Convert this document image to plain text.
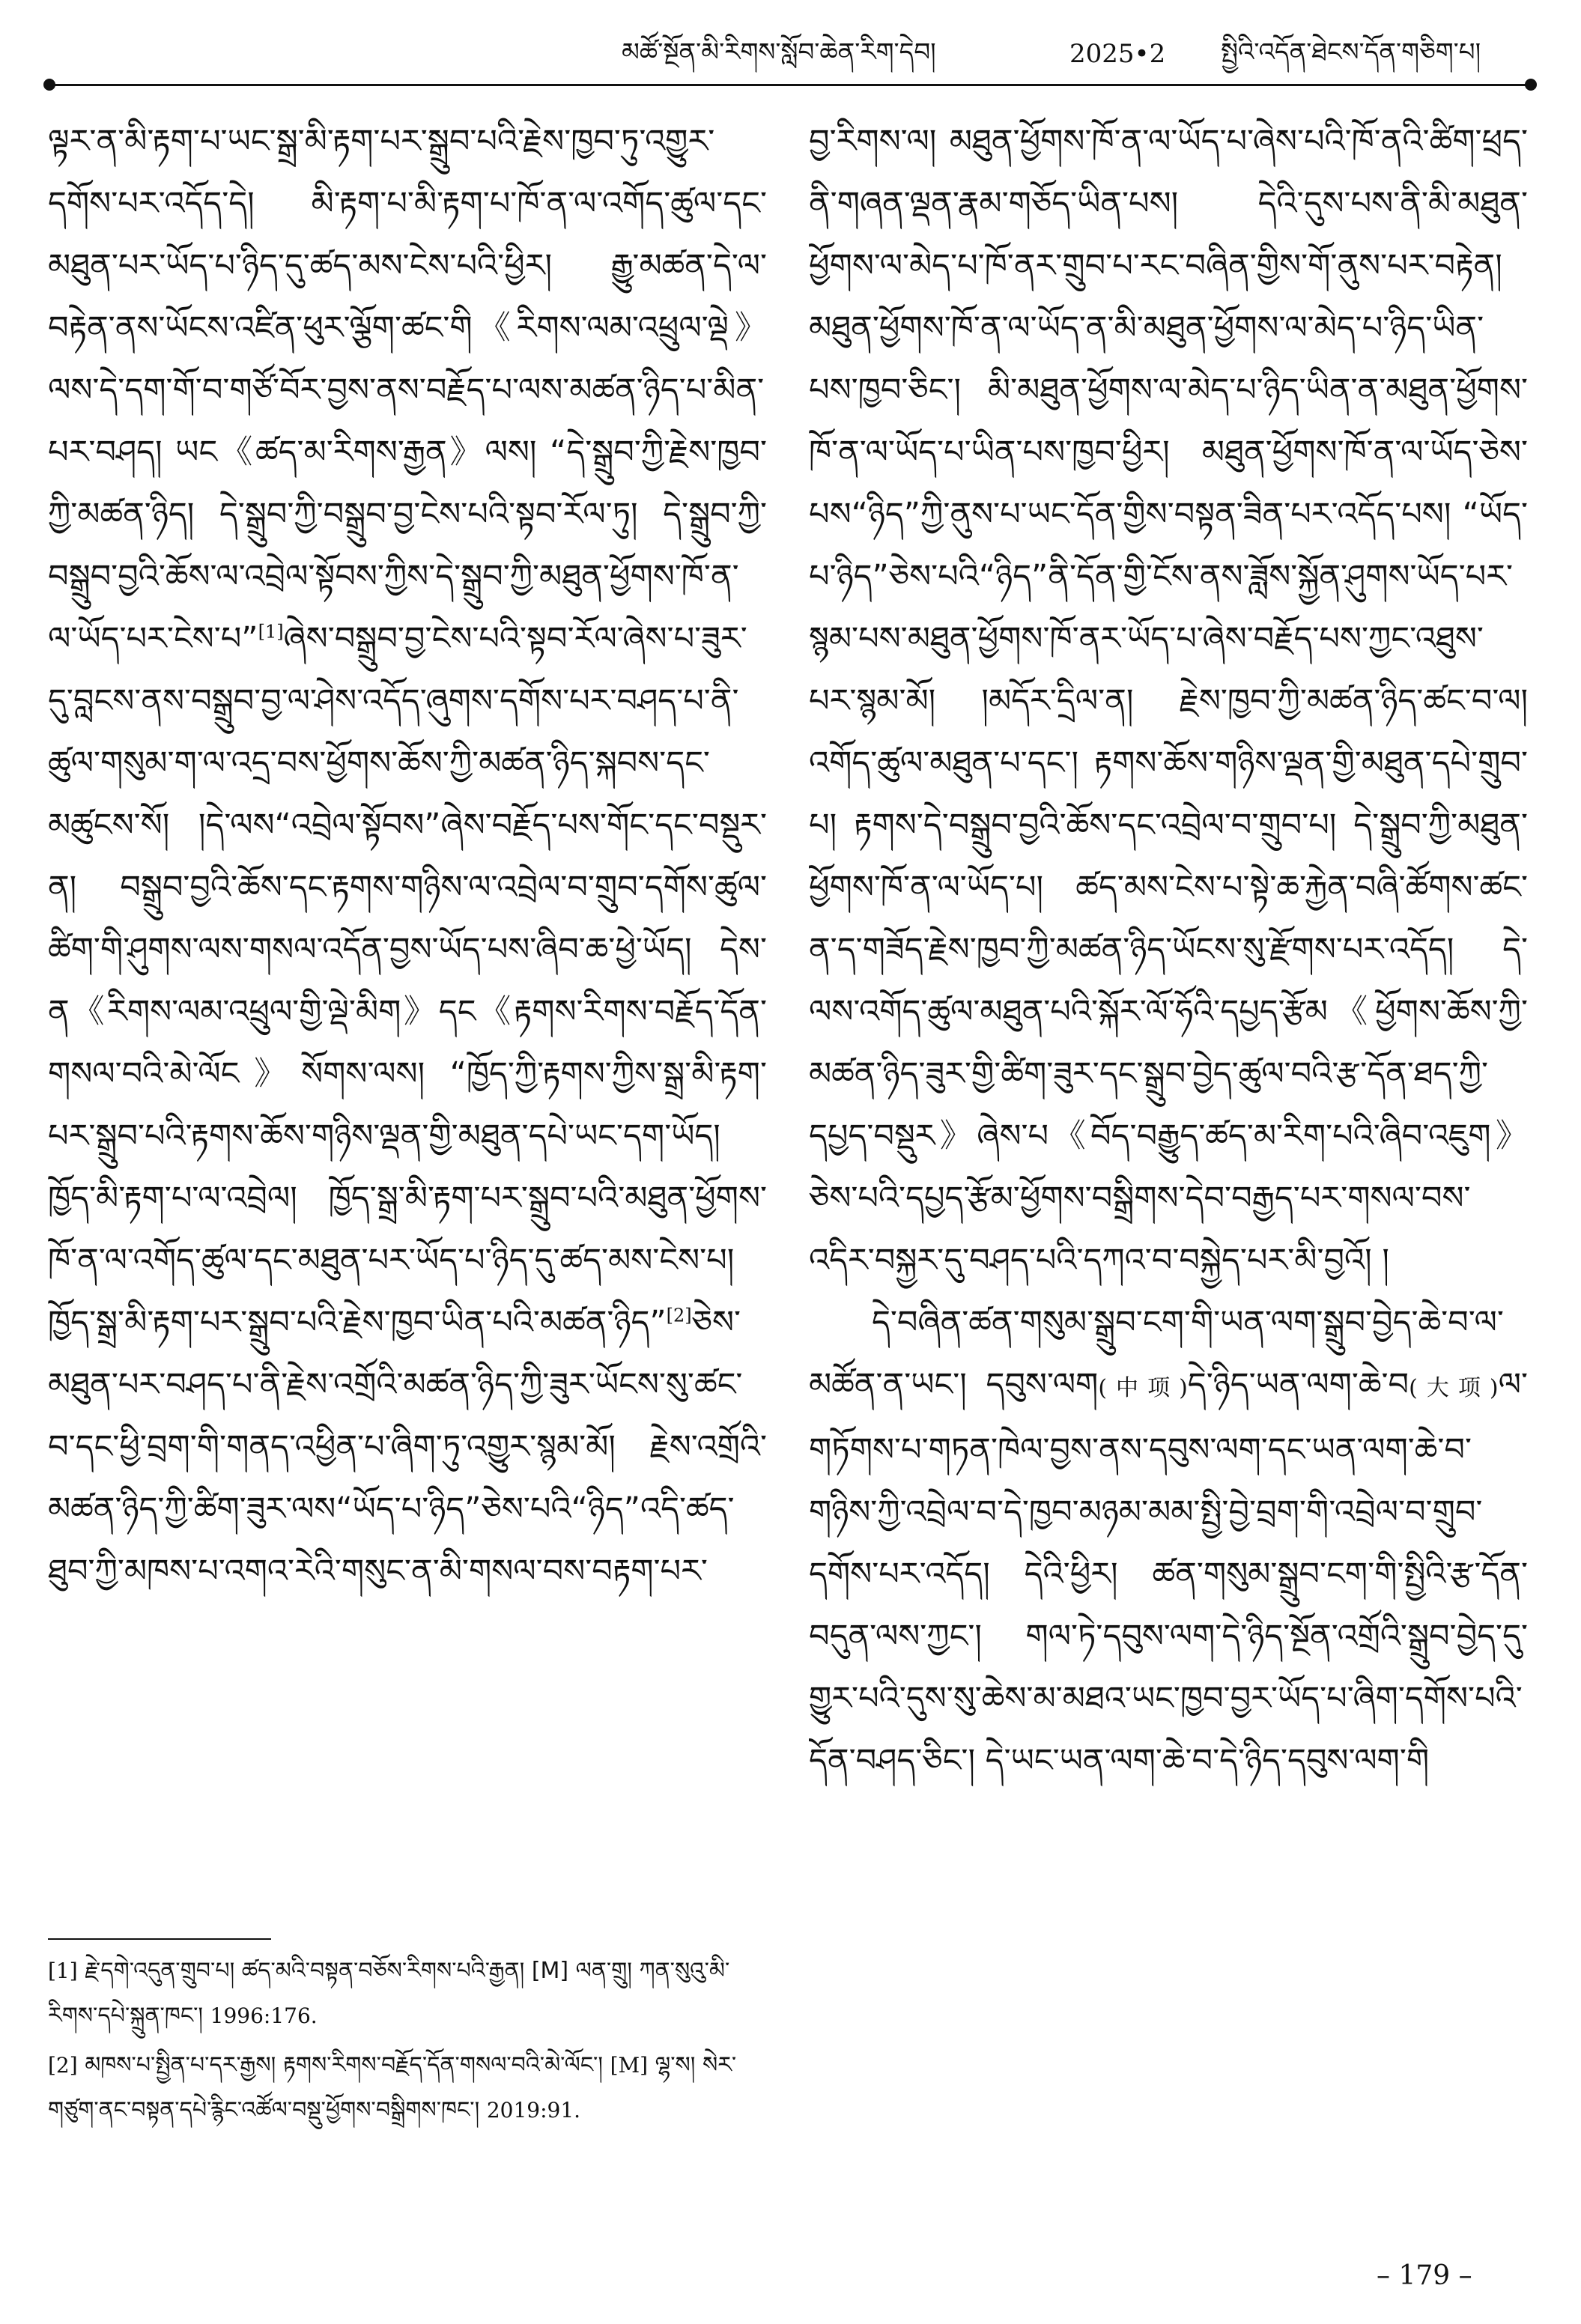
མཚོ་སྔོན་མི་རིགས་སློབ་ཆེན་རིག་དེབ།	2025•2 སྤྱིའི་འདོན་ཐེངས་དོན་གཅིག་པ།

ལྟར་ན་མི་རྟག་པ་ཡང་སྒྲ་མི་རྟག་པར་སྒྲུབ་པའི་རྗེས་ཁྱབ་ཏུ་འགྱུར་དགོས་པར་འདོད་དེ། མི་རྟག་པ་མི་རྟག་པ་ཁོ་ན་ལ་འགོད་ཚུལ་དང་མཐུན་པར་ཡོད་པ་ཉིད་དུ་ཚད་མས་ངེས་པའི་ཕྱིར། རྒྱུ་མཚན་དེ་ལ་བརྟེན་ནས་ཡོངས་འཛིན་ཕུར་ལྕོག་ཚང་གི《རིགས་ལམ་འཕྲུལ་ལྡེ》ལས་དེ་དག་གོ་བ་གཙོ་བོར་བྱས་ནས་བརྗོད་པ་ལས་མཚན་ཉིད་པ་མིན་པར་བཤད། ཡང《ཚད་མ་རིགས་རྒྱན》ལས། “དེ་སྒྲུབ་ཀྱི་རྗེས་ཁྱབ་ཀྱི་མཚན་ཉིད། དེ་སྒྲུབ་ཀྱི་བསྒྲུབ་བྱ་ངེས་པའི་སྟབ་རོལ་ཏུ། དེ་སྒྲུབ་ཀྱི་བསྒྲུབ་བྱའི་ཆོས་ལ་འབྲེལ་སྟོབས་ཀྱིས་དེ་སྒྲུབ་ཀྱི་མཐུན་ཕྱོགས་ཁོ་ན་ལ་ཡོད་པར་ངེས་པ”[1]ཞེས་བསྒྲུབ་བྱ་ངེས་པའི་སྟབ་རོལ་ཞེས་པ་ཟུར་དུ་བླངས་ནས་བསྒྲུབ་བྱ་ལ་ཤེས་འདོད་ཞུགས་དགོས་པར་བཤད་པ་ནི་ཚུལ་གསུམ་ག་ལ་འདྲ་བས་ཕྱོགས་ཆོས་ཀྱི་མཚན་ཉིད་སྐབས་དང་མཚུངས་སོ། །དེ་ལས“འབྲེལ་སྟོབས”ཞེས་བརྗོད་པས་གོང་དང་བསྡུར་ན། བསྒྲུབ་བྱའི་ཆོས་དང་རྟགས་གཉིས་ལ་འབྲེལ་བ་གྲུབ་དགོས་ཚུལ་ཚིག་གི་ཤུགས་ལས་གསལ་འདོན་བྱས་ཡོད་པས་ཞིབ་ཆ་ཕྱེ་ཡོད། དེས་ན《རིགས་ལམ་འཕྲུལ་གྱི་ལྡེ་མིག》དང《རྟགས་རིགས་བརྗོད་དོན་གསལ་བའི་མེ་ལོང》སོགས་ལས། “ཁྱོད་ཀྱི་རྟགས་ཀྱིས་སྒྲ་མི་རྟག་པར་སྒྲུབ་པའི་རྟགས་ཆོས་གཉིས་ལྡན་གྱི་མཐུན་དཔེ་ཡང་དག་ཡོད། ཁྱོད་མི་རྟག་པ་ལ་འབྲེལ། ཁྱོད་སྒྲ་མི་རྟག་པར་སྒྲུབ་པའི་མཐུན་ཕྱོགས་ཁོ་ན་ལ་འགོད་ཚུལ་དང་མཐུན་པར་ཡོད་པ་ཉིད་དུ་ཚད་མས་ངེས་པ། ཁྱོད་སྒྲ་མི་རྟག་པར་སྒྲུབ་པའི་རྗེས་ཁྱབ་ཡིན་པའི་མཚན་ཉིད”[2]ཅེས་མཐུན་པར་བཤད་པ་ནི་རྗེས་འགྲོའི་མཚན་ཉིད་ཀྱི་ཟུར་ཡོངས་སུ་ཚང་བ་དང་ཕྱི་བྲག་གི་གནད་འཕྱིན་པ་ཞིག་ཏུ་འགྱུར་སྙམ་མོ། རྗེས་འགྲོའི་མཚན་ཉིད་ཀྱི་ཚིག་ཟུར་ལས“ཡོད་པ་ཉིད”ཅེས་པའི“ཉིད”འདི་ཚད་ཐུབ་ཀྱི་མཁས་པ་འགའ་རེའི་གསུང་ན་མི་གསལ་བས་བརྟག་པར་

བྱ་རིགས་ལ། མཐུན་ཕྱོགས་ཁོ་ན་ལ་ཡོད་པ་ཞེས་པའི་ཁོ་ནའི་ཚིག་ཕྲད་ནི་གཞན་ལྡན་རྣམ་གཅོད་ཡིན་པས། དེའི་དུས་པས་ནི་མི་མཐུན་ཕྱོགས་ལ་མེད་པ་ཁོ་ནར་གྲུབ་པ་རང་བཞིན་གྱིས་གོ་ནུས་པར་བརྟེན། མཐུན་ཕྱོགས་ཁོ་ན་ལ་ཡོད་ན་མི་མཐུན་ཕྱོགས་ལ་མེད་པ་ཉིད་ཡིན་པས་ཁྱབ་ཅིང་། མི་མཐུན་ཕྱོགས་ལ་མེད་པ་ཉིད་ཡིན་ན་མཐུན་ཕྱོགས་ཁོ་ན་ལ་ཡོད་པ་ཡིན་པས་ཁྱབ་ཕྱིར། མཐུན་ཕྱོགས་ཁོ་ན་ལ་ཡོད་ཅེས་པས“ཉིད”ཀྱི་ནུས་པ་ཡང་དོན་གྱིས་བསྟན་ཟིན་པར་འདོད་པས། “ཡོད་པ་ཉིད”ཅེས་པའི“ཉིད”ནི་དོན་གྱི་ངོས་ནས་ཟློས་སྐྱོན་ཤུགས་ཡོད་པར་སྙམ་པས་མཐུན་ཕྱོགས་ཁོ་ནར་ཡོད་པ་ཞེས་བརྗོད་པས་ཀྱང་འཐུས་པར་སྙམ་མོ། །མདོར་དྲིལ་ན། རྗེས་ཁྱབ་ཀྱི་མཚན་ཉིད་ཚང་བ་ལ། འགོད་ཚུལ་མཐུན་པ་དང་། རྟགས་ཆོས་གཉིས་ལྡན་གྱི་མཐུན་དཔེ་གྲུབ་པ། རྟགས་དེ་བསྒྲུབ་བྱའི་ཆོས་དང་འབྲེལ་བ་གྲུབ་པ། དེ་སྒྲུབ་ཀྱི་མཐུན་ཕྱོགས་ཁོ་ན་ལ་ཡོད་པ། ཚད་མས་ངེས་པ་སྟེ་ཆ་རྐྱེན་བཞི་ཚོགས་ཚང་ན་ད་གཟོད་རྗེས་ཁྱབ་ཀྱི་མཚན་ཉིད་ཡོངས་སུ་རྫོགས་པར་འདོད། དེ་ལས་འགོད་ཚུལ་མཐུན་པའི་སྐོར་ལོ་ཧོའི་དཔྱད་རྩོམ《ཕྱོགས་ཆོས་ཀྱི་མཚན་ཉིད་ཟུར་གྱི་ཚིག་ཟུར་དང་སྒྲུབ་བྱེད་ཚུལ་བའི་རྩ་དོན་ཐད་ཀྱི་དཔྱད་བསྡུར》ཞེས་པ《བོད་བརྒྱུད་ཚད་མ་རིག་པའི་ཞིབ་འཇུག》ཅེས་པའི་དཔྱད་རྩོམ་ཕྱོགས་བསྒྲིགས་དེབ་བརྒྱད་པར་གསལ་བས་འདིར་བསྐྱར་དུ་བཤད་པའི་དཀའ་བ་བསྐྱེད་པར་མི་བྱའོ། །

དེ་བཞིན་ཚན་གསུམ་སྒྲུབ་ངག་གི་ཡན་ལག་སྒྲུབ་བྱེད་ཆེ་བ་ལ་མཚོན་ན་ཡང་། དབུས་ལག(中项)དེ་ཉིད་ཡན་ལག་ཆེ་བ(大项)ལ་གཏོགས་པ་གཏན་ཁེལ་བྱས་ནས་དབུས་ལག་དང་ཡན་ལག་ཆེ་བ་གཉིས་ཀྱི་འབྲེལ་བ་དེ་ཁྱབ་མཉམ་མམ་སྤྱི་བྱེ་བྲག་གི་འབྲེལ་བ་གྲུབ་དགོས་པར་འདོད། དེའི་ཕྱིར། ཚན་གསུམ་སྒྲུབ་ངག་གི་སྤྱིའི་རྩ་དོན་བདུན་ལས་ཀྱང་། གལ་ཏེ་དབུས་ལག་དེ་ཉིད་སྔོན་འགྲོའི་སྒྲུབ་བྱེད་དུ་གྱུར་པའི་དུས་སུ་ཆེས་མ་མཐའ་ཡང་ཁྱབ་བྱར་ཡོད་པ་ཞིག་དགོས་པའི་དོན་བཤད་ཅིང་། དེ་ཡང་ཡན་ལག་ཆེ་བ་དེ་ཉིད་དབུས་ལག་གི

[1] རྗེ་དགེ་འདུན་གྲུབ་པ། ཚད་མའི་བསྟན་བཅོས་རིགས་པའི་རྒྱན། [M] ལན་གྲུ། ཀན་སུའུ་མི་རིགས་དཔེ་སྐྲུན་ཁང་། 1996:176.

[2] མཁས་པ་སྤྱིན་པ་དར་རྒྱས། རྟགས་རིགས་བརྗོད་དོན་གསལ་བའི་མེ་ལོང་། [M] ལྷ་ས། སེར་གཙུག་ནང་བསྟན་དཔེ་རྙིང་འཚོལ་བསྡུ་ཕྱོགས་བསྒྲིགས་ཁང་། 2019:91.

– 179 –
